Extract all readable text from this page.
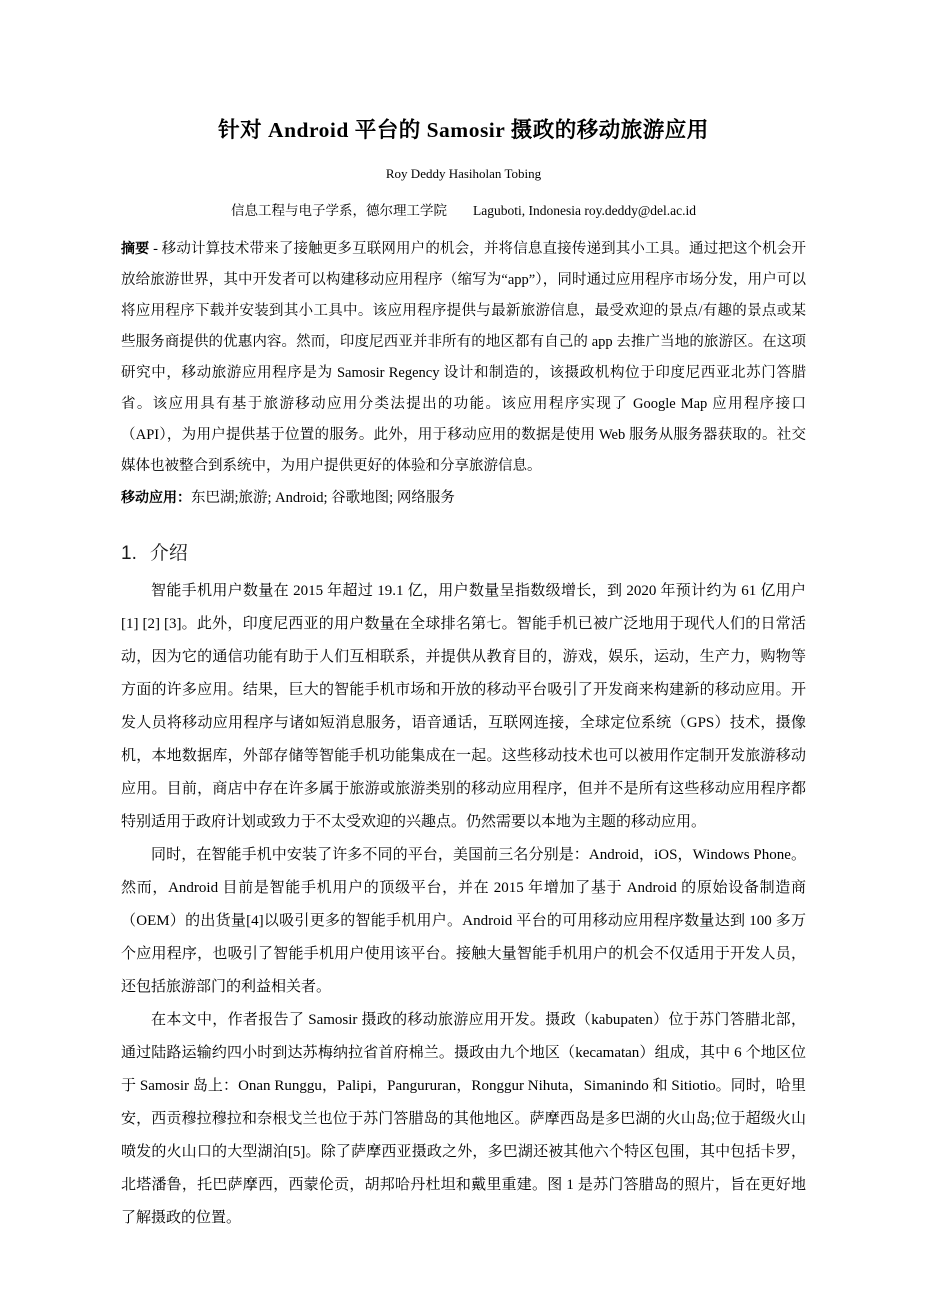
针对 Android 平台的 Samosir 摄政的移动旅游应用
Roy Deddy Hasiholan Tobing
信息工程与电子学系，德尔理工学院 Laguboti, Indonesia roy.deddy@del.ac.id

摘要 - 移动计算技术带来了接触更多互联网用户的机会，并将信息直接传递到其小工具。通过把这个机会开放给旅游世界，其中开发者可以构建移动应用程序（缩写为“app”），同时通过应用程序市场分发，用户可以将应用程序下载并安装到其小工具中。该应用程序提供与最新旅游信息，最受欢迎的景点/有趣的景点或某些服务商提供的优惠内容。然而，印度尼西亚并非所有的地区都有自己的 app 去推广当地的旅游区。在这项研究中，移动旅游应用程序是为 Samosir Regency 设计和制造的，该摄政机构位于印度尼西亚北苏门答腊省。该应用具有基于旅游移动应用分类法提出的功能。该应用程序实现了 Google Map 应用程序接口（API），为用户提供基于位置的服务。此外，用于移动应用的数据是使用 Web 服务从服务器获取的。社交媒体也被整合到系统中，为用户提供更好的体验和分享旅游信息。

移动应用：东巴湖;旅游; Android; 谷歌地图; 网络服务

1. 介绍

智能手机用户数量在 2015 年超过 19.1 亿，用户数量呈指数级增长，到 2020 年预计约为 61 亿用户[1] [2] [3]。此外，印度尼西亚的用户数量在全球排名第七。智能手机已被广泛地用于现代人们的日常活动，因为它的通信功能有助于人们互相联系，并提供从教育目的，游戏，娱乐，运动，生产力，购物等方面的许多应用。结果，巨大的智能手机市场和开放的移动平台吸引了开发商来构建新的移动应用。开发人员将移动应用程序与诸如短消息服务，语音通话，互联网连接，全球定位系统（GPS）技术，摄像机，本地数据库，外部存储等智能手机功能集成在一起。这些移动技术也可以被用作定制开发旅游移动应用。目前，商店中存在许多属于旅游或旅游类别的移动应用程序，但并不是所有这些移动应用程序都特别适用于政府计划或致力于不太受欢迎的兴趣点。仍然需要以本地为主题的移动应用。

同时，在智能手机中安装了许多不同的平台，美国前三名分别是：Android，iOS，Windows Phone。然而，Android 目前是智能手机用户的顶级平台，并在 2015 年增加了基于 Android 的原始设备制造商（OEM）的出货量[4]以吸引更多的智能手机用户。Android 平台的可用移动应用程序数量达到 100 多万个应用程序，也吸引了智能手机用户使用该平台。接触大量智能手机用户的机会不仅适用于开发人员，还包括旅游部门的利益相关者。

在本文中，作者报告了 Samosir 摄政的移动旅游应用开发。摄政（kabupaten）位于苏门答腊北部，通过陆路运输约四小时到达苏梅纳拉省首府棉兰。摄政由九个地区（kecamatan）组成，其中 6 个地区位于 Samosir 岛上：Onan Runggu，Palipi，Pangururan，Ronggur Nihuta，Simanindo 和 Sitiotio。同时，哈里安，西贡穆拉穆拉和奈根戈兰也位于苏门答腊岛的其他地区。萨摩西岛是多巴湖的火山岛;位于超级火山喷发的火山口的大型湖泊[5]。除了萨摩西亚摄政之外，多巴湖还被其他六个特区包围，其中包括卡罗，北塔潘鲁，托巴萨摩西，西蒙伦贡，胡邦哈丹杜坦和戴里重建。图 1 是苏门答腊岛的照片，旨在更好地了解摄政的位置。
